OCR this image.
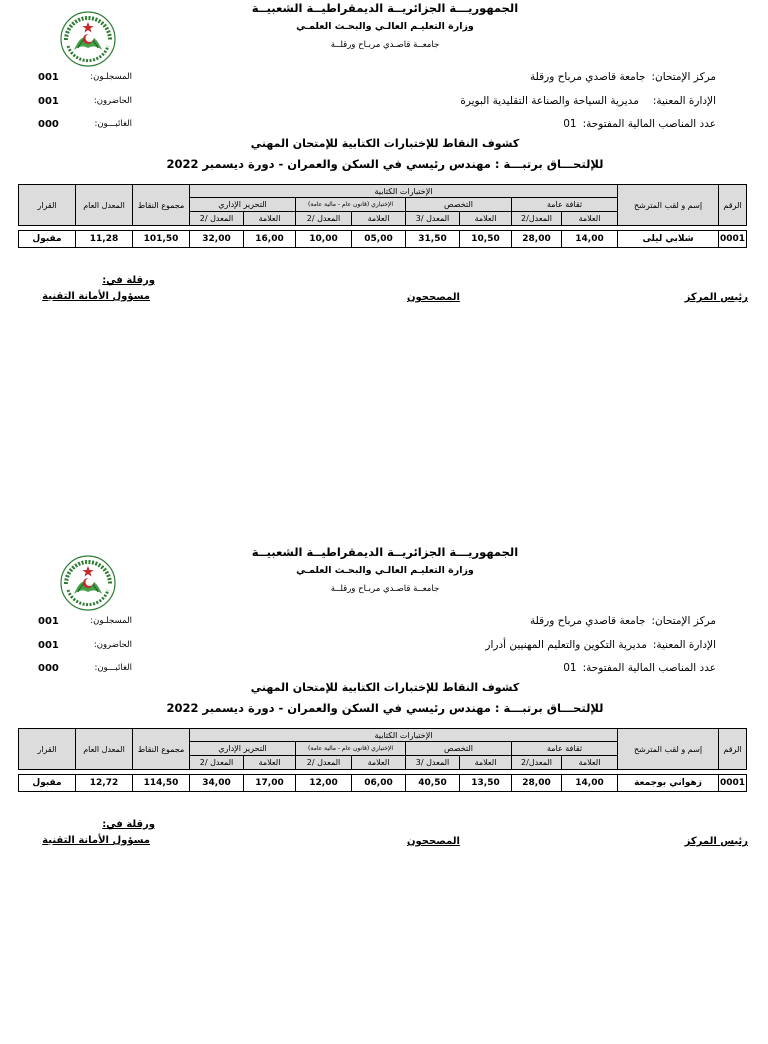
الجمهوريـــة الجزائريــة الديمقراطيــة الشعبيــة
وزارة التعليـم العالـي والبحـث العلمـي
جامعــة قاصـدي مربـاح ورقلــة
مركز الإمتحان:جامعة قاصدي مرباح ورقلة
الإدارة المعنية:مديرية السياحة والصناعة التقليدية البويرة
عدد المناصب المالية المفتوحة:01
001	المسجلـون:
001	الحاضرون:
000	الغائبـــون:
كشوف النقاط للإختبارات الكتابية للإمتحان المهني
للإلتحـــاق برتبـــة : مهندس رئيسي في السكن والعمران - دورة ديسمبر 2022
الرقم	إسم و لقب المترشح	الإختبارات الكتابية								مجموع النقاط	المعدل العام	القرار
		ثقافة عامة		التخصص		الإختياري (قانون عام - مالية عامة)		التحرير الإداري				
		العلامة	المعدل/2	العلامة	المعدل /3	العلامة	المعدل /2	العلامة	المعدل /2			

0001	شلابي ليلى	14,00	28,00	10,50	31,50	05,00	10,00	16,00	32,00	101,50	11,28	مقبول
ورقلة في:
مسؤول الأمانة التقنية	المصححون	رئيس المركز
الجمهوريـــة الجزائريــة الديمقراطيــة الشعبيــة
وزارة التعليـم العالـي والبحـث العلمـي
جامعــة قاصـدي مربـاح ورقلــة
مركز الإمتحان:جامعة قاصدي مرباح ورقلة
الإدارة المعنية:مديرية التكوين والتعليم المهنيين أدرار
عدد المناصب المالية المفتوحة:01
001	المسجلـون:
001	الحاضرون:
000	الغائبـــون:
كشوف النقاط للإختبارات الكتابية للإمتحان المهني
للإلتحـــاق برتبـــة : مهندس رئيسي في السكن والعمران - دورة ديسمبر 2022
الرقم	إسم و لقب المترشح	الإختبارات الكتابية								مجموع النقاط	المعدل العام	القرار
		ثقافة عامة		التخصص		الإختياري (قانون عام - مالية عامة)		التحرير الإداري				
		العلامة	المعدل/2	العلامة	المعدل /3	العلامة	المعدل /2	العلامة	المعدل /2			

0001	زهواني بوجمعة	14,00	28,00	13,50	40,50	06,00	12,00	17,00	34,00	114,50	12,72	مقبول
ورقلة في:
مسؤول الأمانة التقنية	المصححون	رئيس المركز
